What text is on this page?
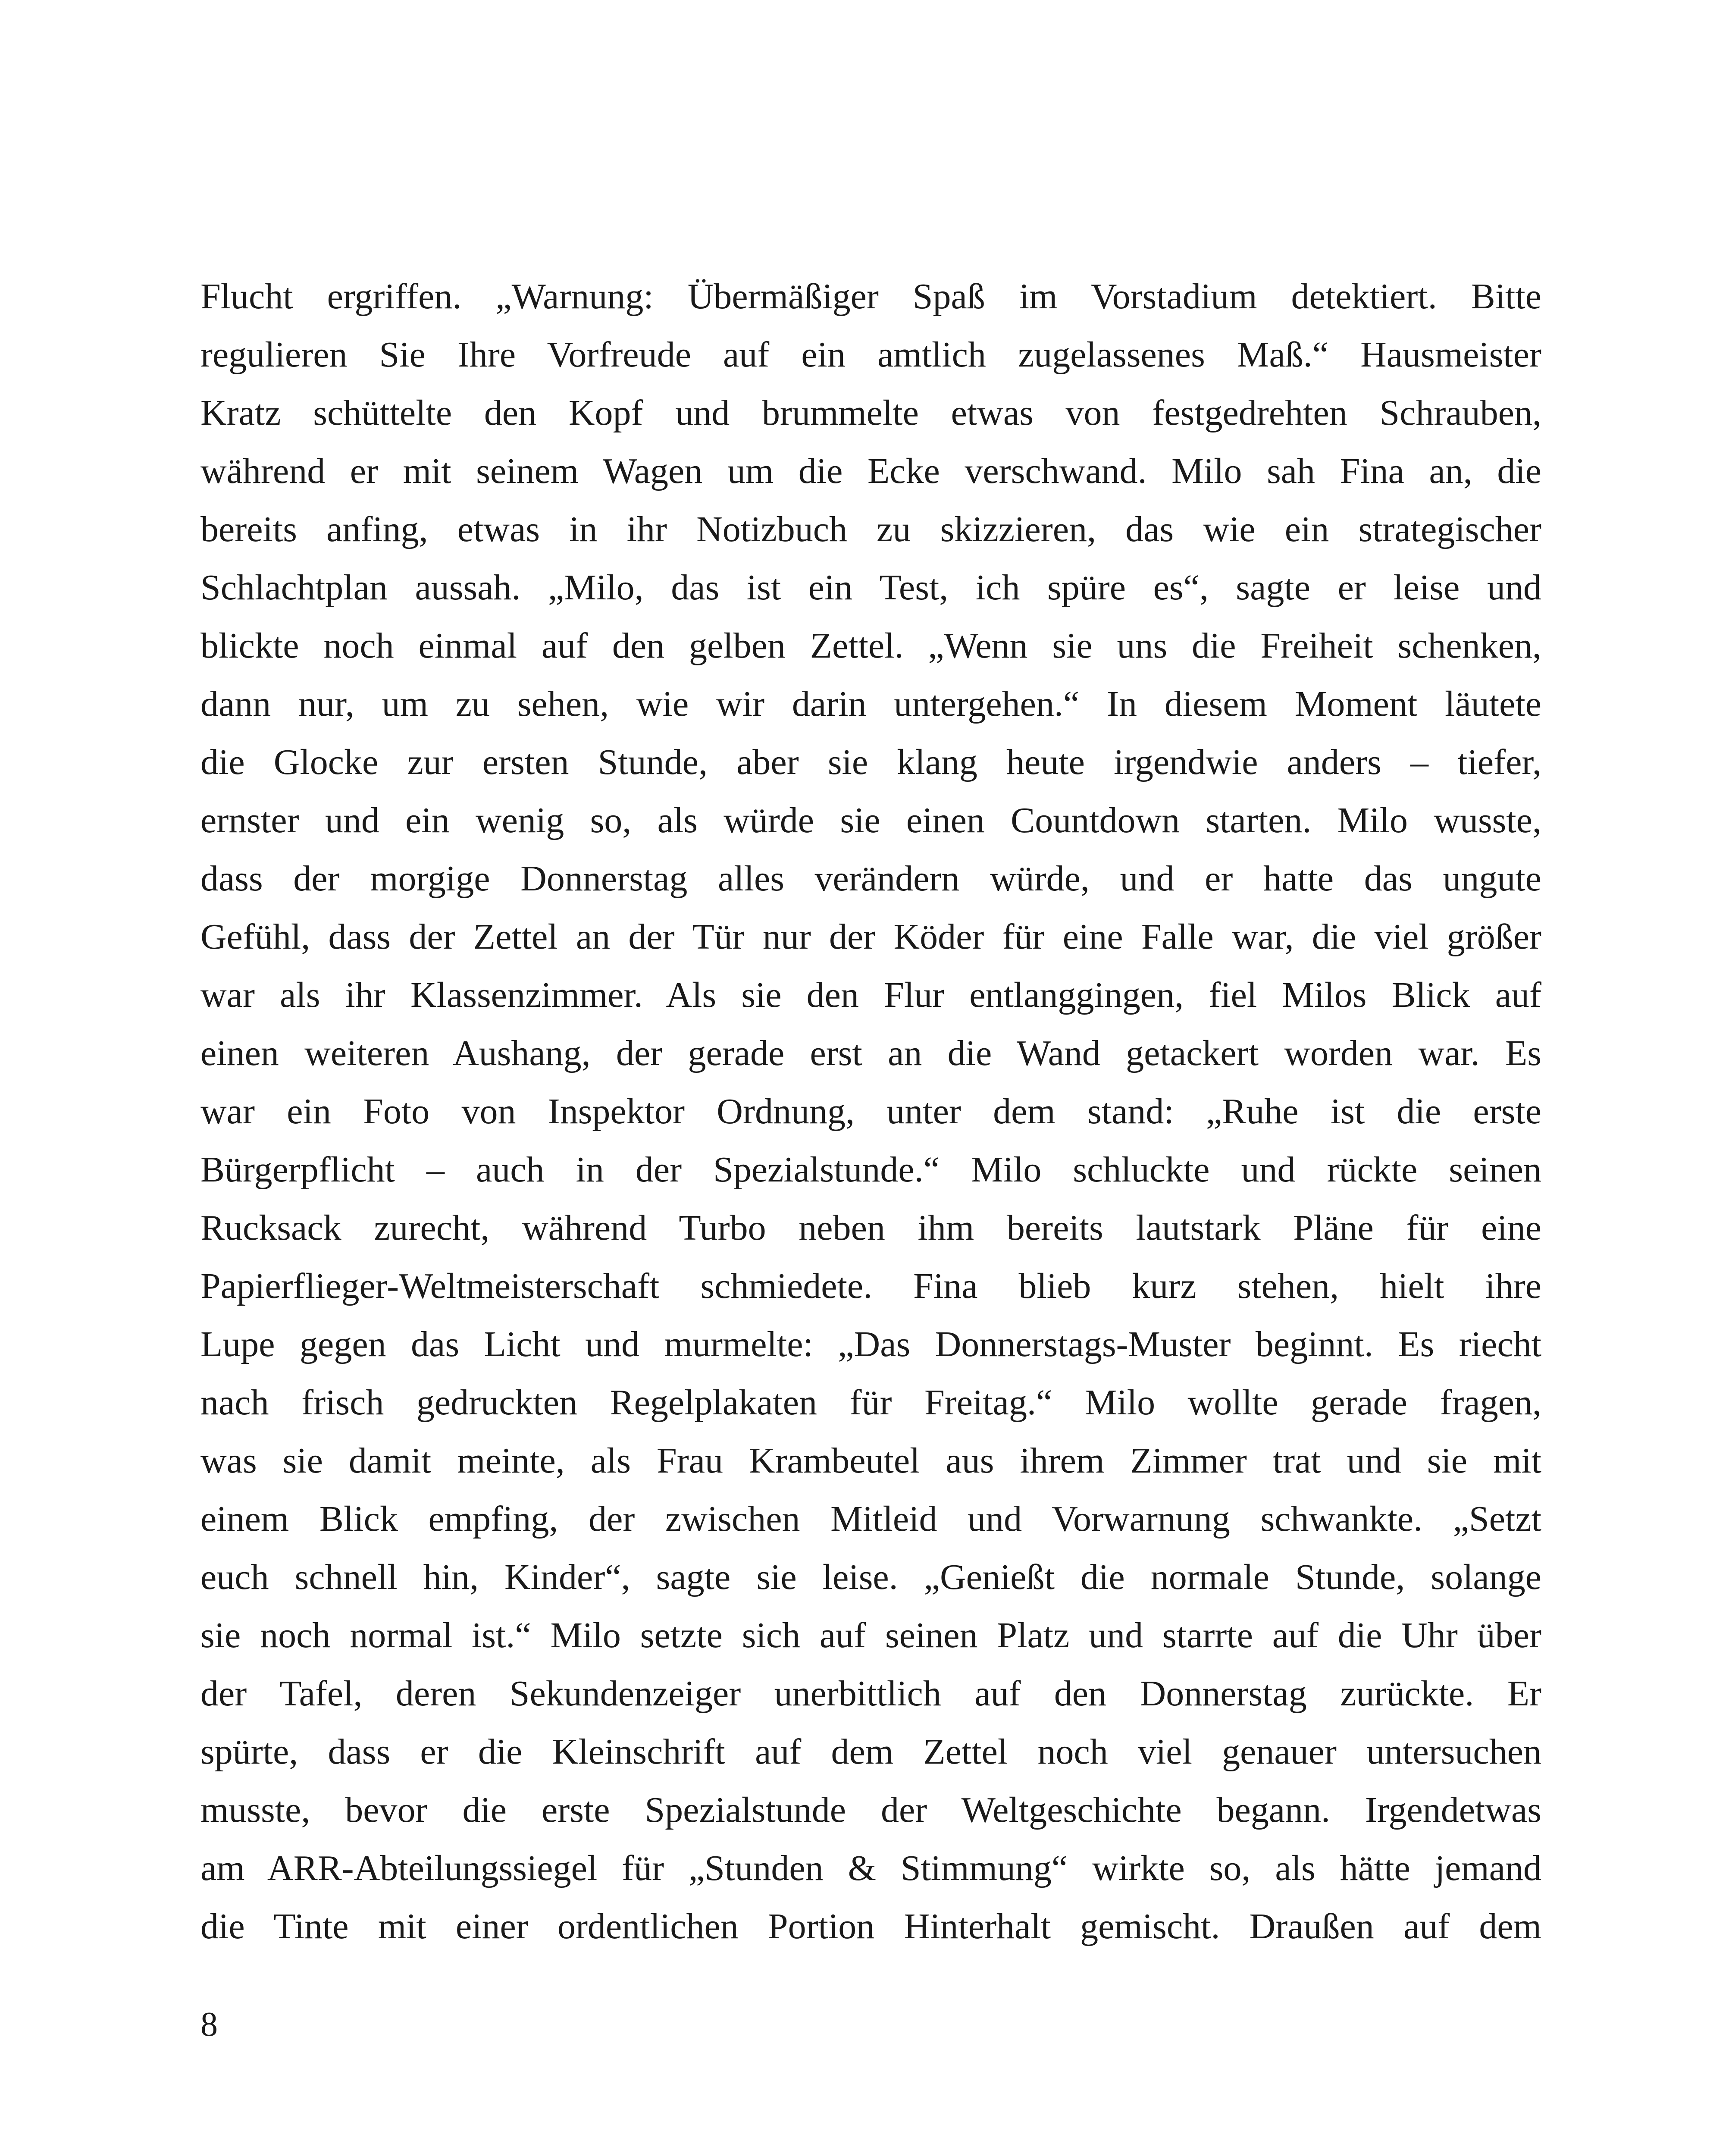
Flucht ergriffen. „Warnung: Übermäßiger Spaß im Vorstadium detektiert. Bitte
regulieren Sie Ihre Vorfreude auf ein amtlich zugelassenes Maß.“ Hausmeister
Kratz schüttelte den Kopf und brummelte etwas von festgedrehten Schrauben,
während er mit seinem Wagen um die Ecke verschwand. Milo sah Fina an, die
bereits anfing, etwas in ihr Notizbuch zu skizzieren, das wie ein strategischer
Schlachtplan aussah. „Milo, das ist ein Test, ich spüre es“, sagte er leise und
blickte noch einmal auf den gelben Zettel. „Wenn sie uns die Freiheit schenken,
dann nur, um zu sehen, wie wir darin untergehen.“ In diesem Moment läutete
die Glocke zur ersten Stunde, aber sie klang heute irgendwie anders – tiefer,
ernster und ein wenig so, als würde sie einen Countdown starten. Milo wusste,
dass der morgige Donnerstag alles verändern würde, und er hatte das ungute
Gefühl, dass der Zettel an der Tür nur der Köder für eine Falle war, die viel größer
war als ihr Klassenzimmer. Als sie den Flur entlanggingen, fiel Milos Blick auf
einen weiteren Aushang, der gerade erst an die Wand getackert worden war. Es
war ein Foto von Inspektor Ordnung, unter dem stand: „Ruhe ist die erste
Bürgerpflicht – auch in der Spezialstunde.“ Milo schluckte und rückte seinen
Rucksack zurecht, während Turbo neben ihm bereits lautstark Pläne für eine
Papierflieger-Weltmeisterschaft schmiedete. Fina blieb kurz stehen, hielt ihre
Lupe gegen das Licht und murmelte: „Das Donnerstags-Muster beginnt. Es riecht
nach frisch gedruckten Regelplakaten für Freitag.“ Milo wollte gerade fragen,
was sie damit meinte, als Frau Krambeutel aus ihrem Zimmer trat und sie mit
einem Blick empfing, der zwischen Mitleid und Vorwarnung schwankte. „Setzt
euch schnell hin, Kinder“, sagte sie leise. „Genießt die normale Stunde, solange
sie noch normal ist.“ Milo setzte sich auf seinen Platz und starrte auf die Uhr über
der Tafel, deren Sekundenzeiger unerbittlich auf den Donnerstag zurückte. Er
spürte, dass er die Kleinschrift auf dem Zettel noch viel genauer untersuchen
musste, bevor die erste Spezialstunde der Weltgeschichte begann. Irgendetwas
am ARR-Abteilungssiegel für „Stunden & Stimmung“ wirkte so, als hätte jemand
die Tinte mit einer ordentlichen Portion Hinterhalt gemischt. Draußen auf dem
8
